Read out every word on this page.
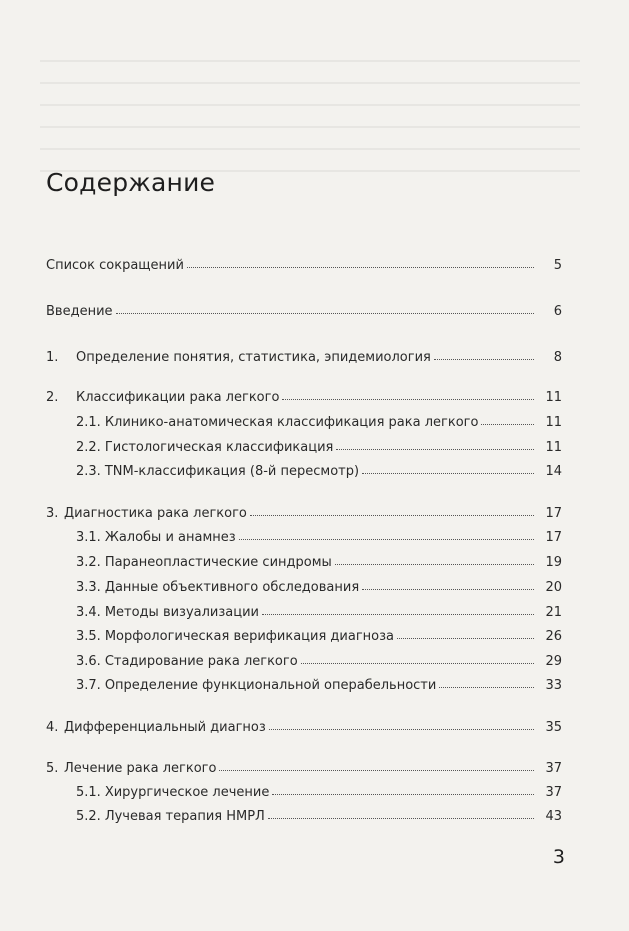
Содержание
Список сокращений	5
Введение	6
1.	Определение понятия, статистика, эпидемиология	8
2.	Классификации рака легкого	11
2.1. Клинико-анатомическая классификация рака легкого	11
2.2. Гистологическая классификация	11
2.3. TNM-классификация (8-й пересмотр)	14
3. Диагностика рака легкого	17
3.1. Жалобы и анамнез	17
3.2. Паранеопластические синдромы	19
3.3. Данные объективного обследования	20
3.4. Методы визуализации	21
3.5. Морфологическая верификация диагноза	26
3.6. Стадирование рака легкого	29
3.7. Определение функциональной операбельности	33
4. Дифференциальный диагноз	35
5. Лечение рака легкого	37
5.1. Хирургическое лечение	37
5.2. Лучевая терапия НМРЛ	43
3
